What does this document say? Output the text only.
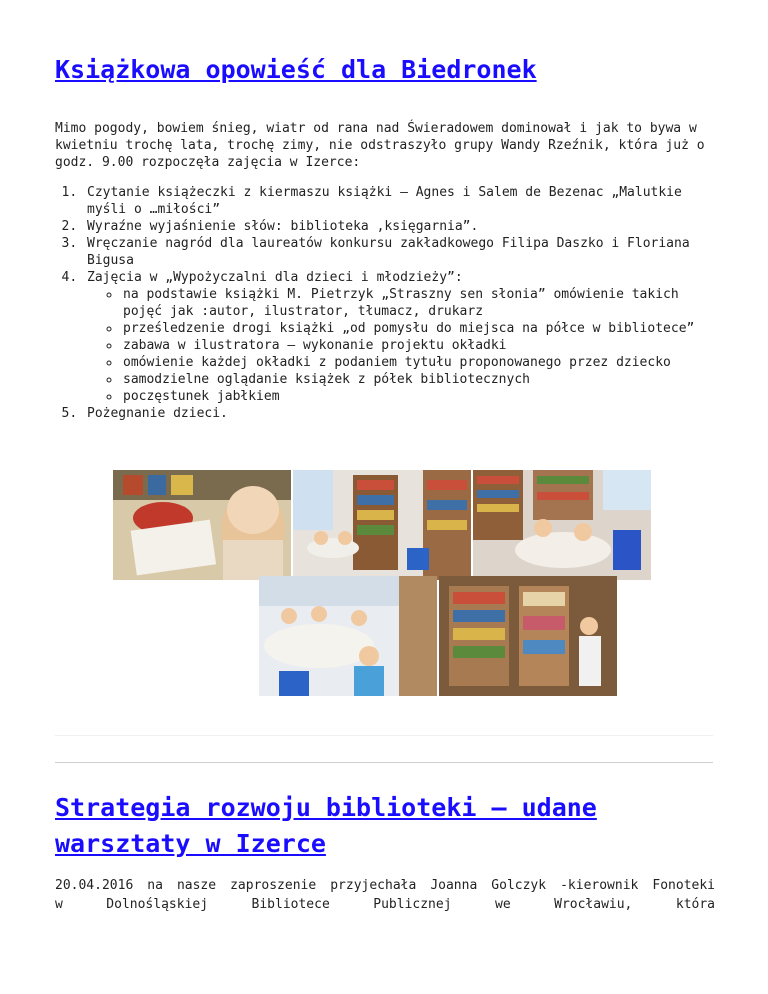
Książkowa opowieść dla Biedronek

Mimo pogody, bowiem śnieg, wiatr od rana nad Świeradowem dominował i jak to bywa w kwietniu trochę lata, trochę zimy, nie odstraszyło grupy Wandy Rzeźnik, która już o godz. 9.00 rozpoczęła zajęcia w Izerce:

1. Czytanie książeczki z kiermaszu książki – Agnes i Salem de Bezenac „Malutkie myśli o …miłości”
2. Wyraźne wyjaśnienie słów: biblioteka ,księgarnia”.
3. Wręczanie nagród dla laureatów konkursu zakładkowego Filipa Daszko i Floriana Bigusa
4. Zajęcia w „Wypożyczalni dla dzieci i młodzieży”:
◦ na podstawie książki M. Pietrzyk „Straszny sen słonia” omówienie takich pojęć jak :autor, ilustrator, tłumacz, drukarz
◦ prześledzenie drogi książki „od pomysłu do miejsca na półce w bibliotece”
◦ zabawa w ilustratora – wykonanie projektu okładki
◦ omówienie każdej okładki z podaniem tytułu proponowanego przez dziecko
◦ samodzielne oglądanie książek z półek bibliotecznych
◦ poczęstunek jabłkiem
5. Pożegnanie dzieci.
Strategia rozwoju biblioteki – udane warsztaty w Izerce

20.04.2016 na nasze zaproszenie przyjechała Joanna Golczyk -kierownik Fonoteki w Dolnośląskiej Bibliotece Publicznej we Wrocławiu, która
